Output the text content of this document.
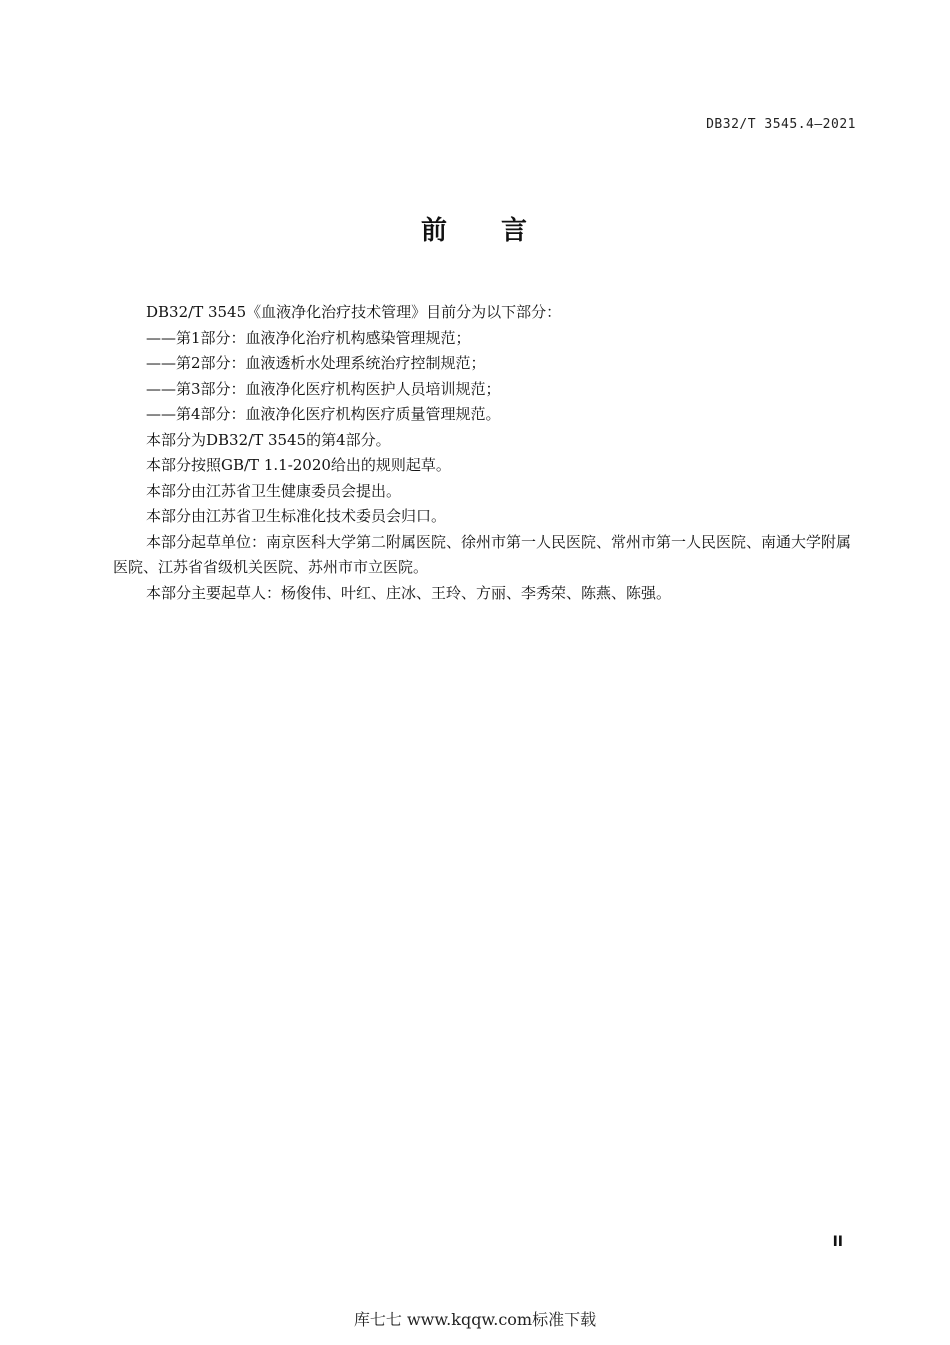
DB32/T 3545.4—2021
前 言

DB32/T 3545《血液净化治疗技术管理》目前分为以下部分：

——第1部分：血液净化治疗机构感染管理规范；

——第2部分：血液透析水处理系统治疗控制规范；

——第3部分：血液净化医疗机构医护人员培训规范；

——第4部分：血液净化医疗机构医疗质量管理规范。

本部分为DB32/T 3545的第4部分。

本部分按照GB/T 1.1-2020给出的规则起草。

本部分由江苏省卫生健康委员会提出。

本部分由江苏省卫生标准化技术委员会归口。

本部分起草单位：南京医科大学第二附属医院、徐州市第一人民医院、常州市第一人民医院、南通大学附属医院、江苏省省级机关医院、苏州市市立医院。

本部分主要起草人：杨俊伟、叶红、庄冰、王玲、方丽、李秀荣、陈燕、陈强。

II
库七七 www.kqqw.com标准下载
